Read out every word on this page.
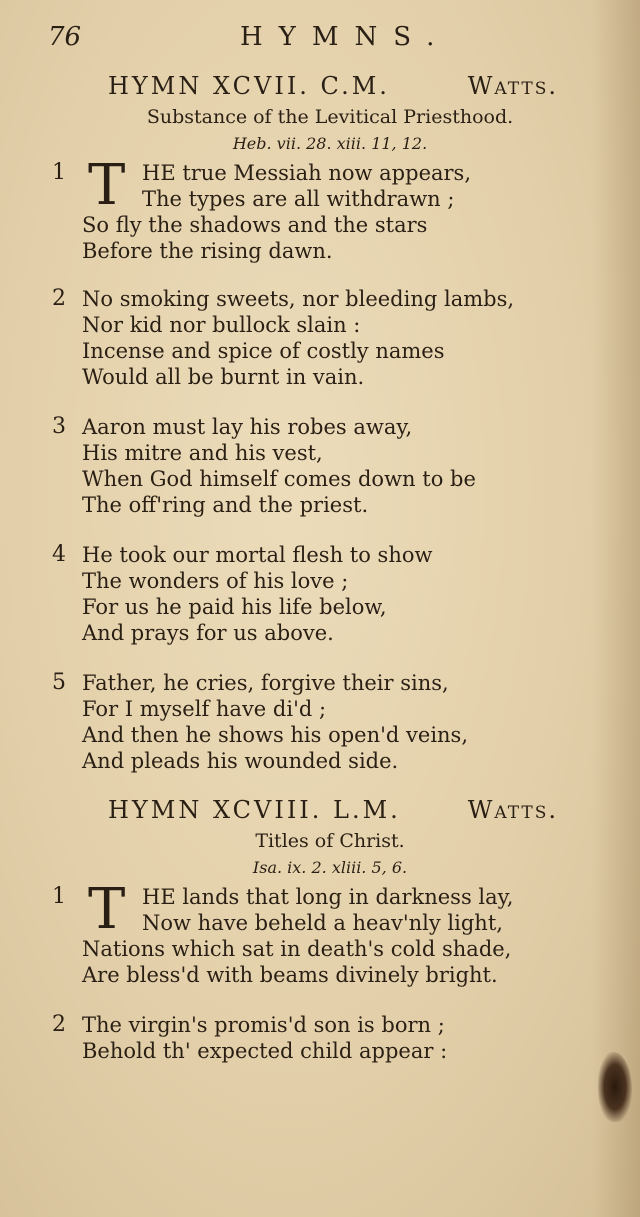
76	HYMNS.
HYMN XCVII. C.M.	Watts.
Substance of the Levitical Priesthood.
Heb. vii. 28. xiii. 11, 12.
1 T HE true Messiah now appears,
The types are all withdrawn ;
So fly the shadows and the stars
Before the rising dawn.
2 No smoking sweets, nor bleeding lambs,
Nor kid nor bullock slain :
Incense and spice of costly names
Would all be burnt in vain.
3 Aaron must lay his robes away,
His mitre and his vest,
When God himself comes down to be
The off'ring and the priest.
4 He took our mortal flesh to show
The wonders of his love ;
For us he paid his life below,
And prays for us above.
5 Father, he cries, forgive their sins,
For I myself have di'd ;
And then he shows his open'd veins,
And pleads his wounded side.
HYMN XCVIII. L.M.	Watts.
Titles of Christ.
Isa. ix. 2. xliii. 5, 6.
1 T HE lands that long in darkness lay,
Now have beheld a heav'nly light,
Nations which sat in death's cold shade,
Are bless'd with beams divinely bright.
2 The virgin's promis'd son is born ;
Behold th' expected child appear :
